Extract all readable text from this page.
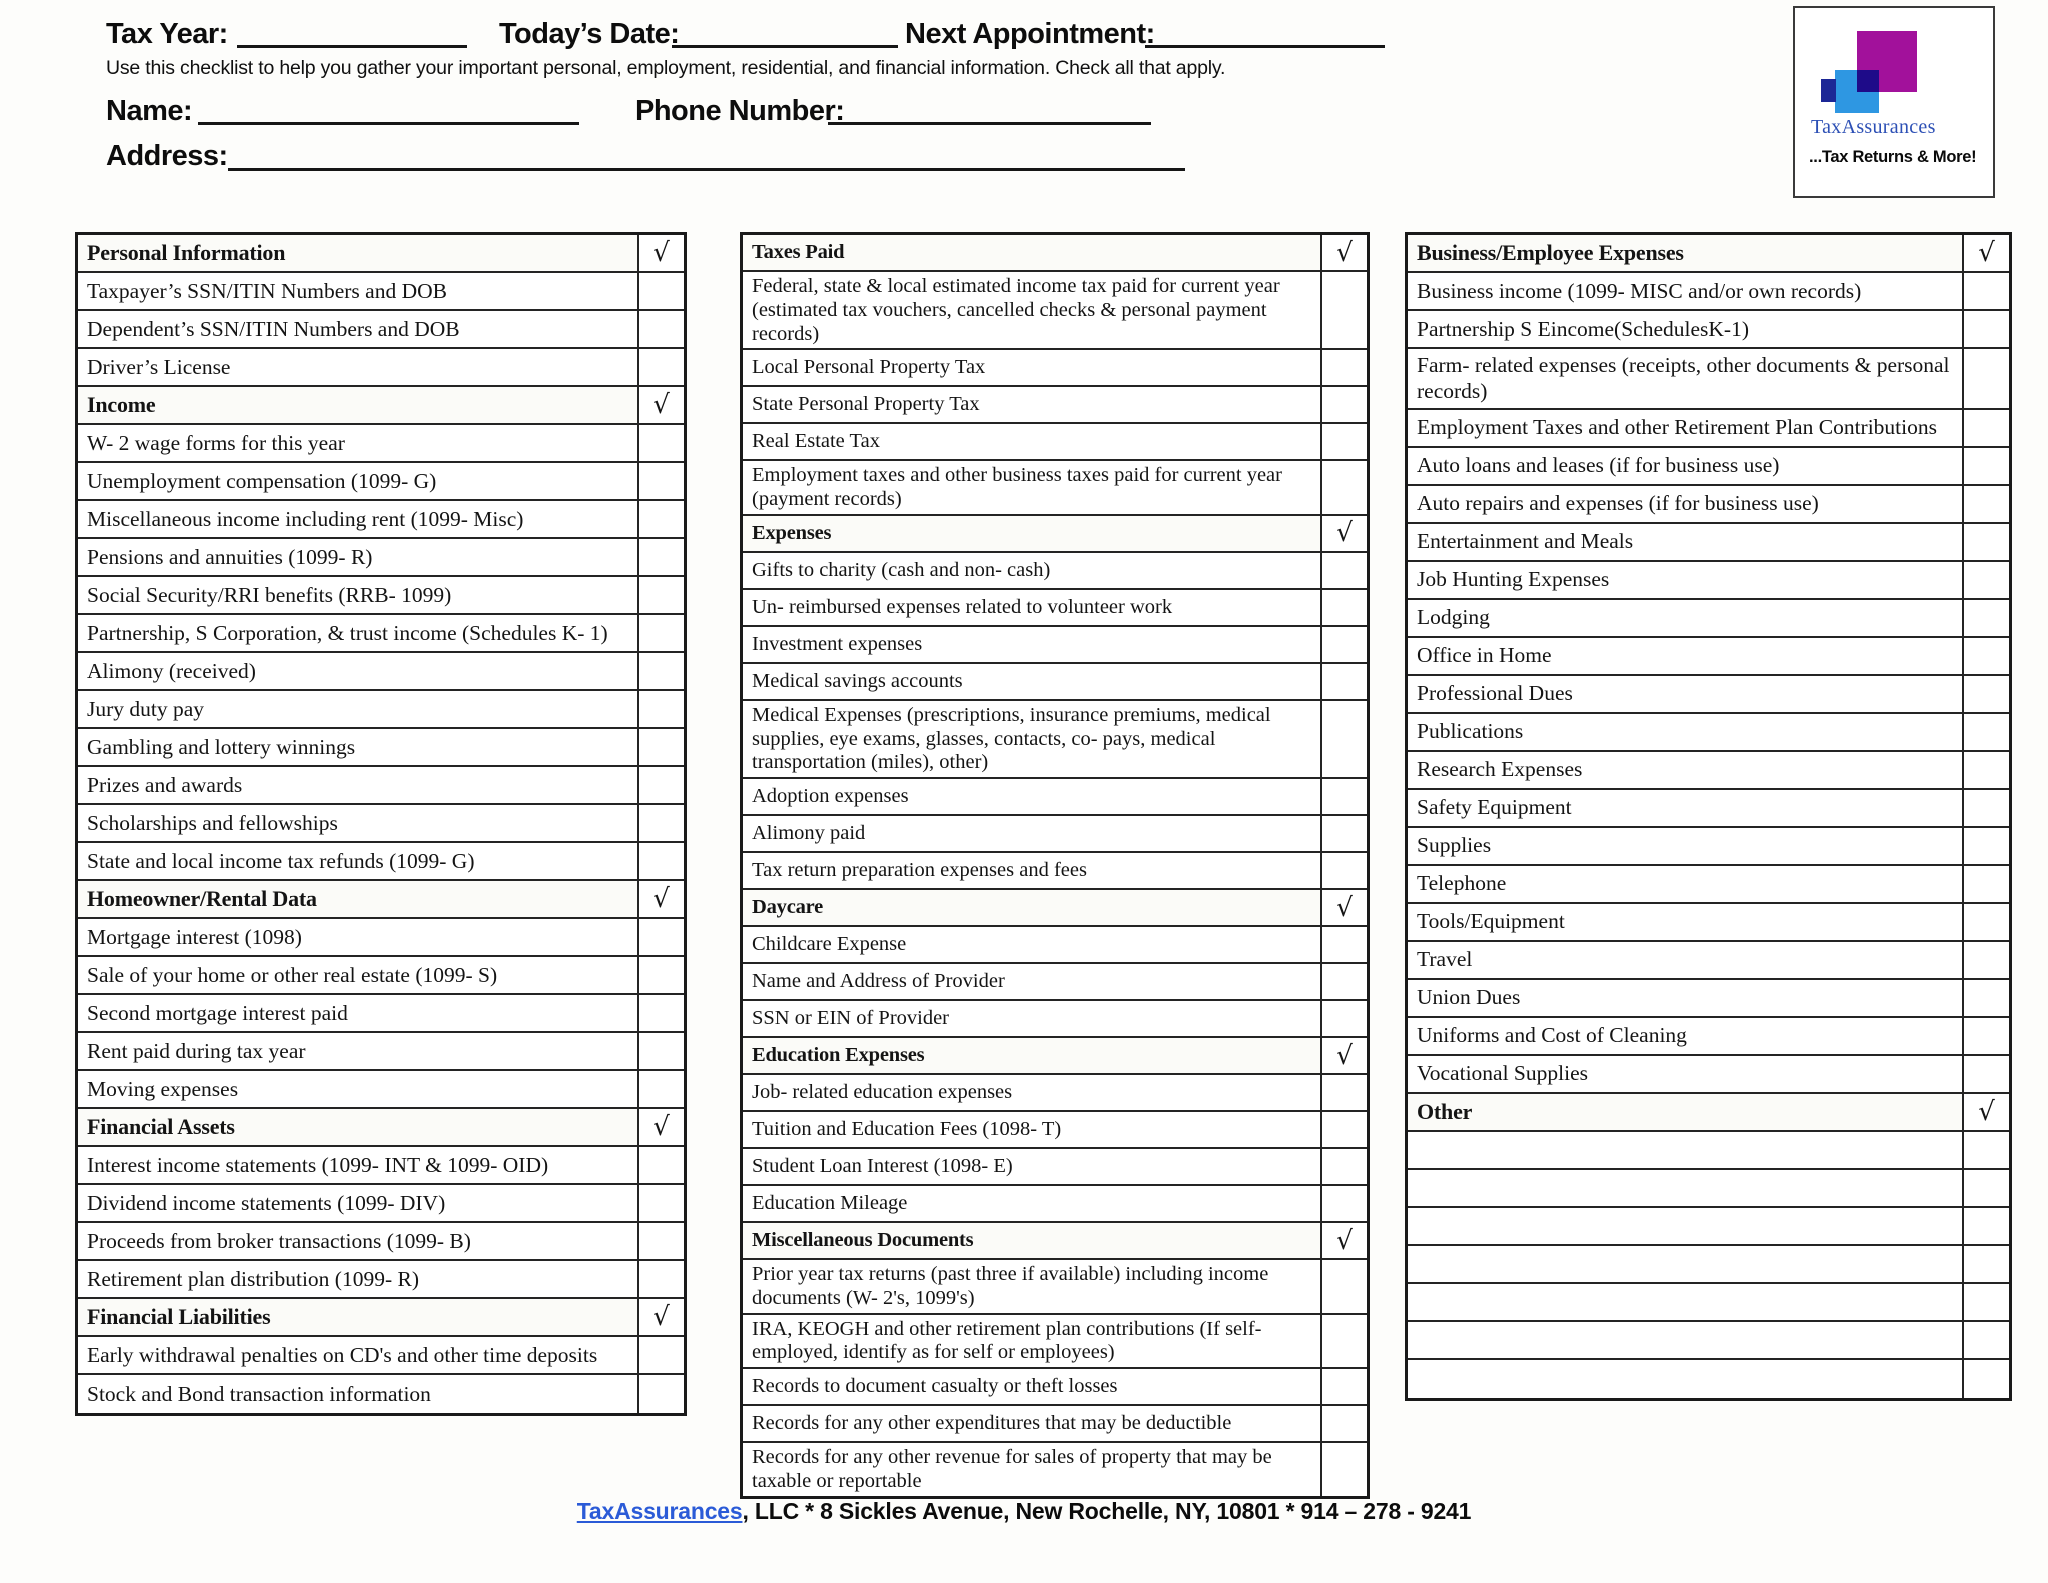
Tax Year:	Today’s Date:	Next Appointment:
Use this checklist to help you gather your important personal, employment, residential, and financial information. Check all that apply.
Name:	Phone Number:
Address:
TaxAssurances
...Tax Returns & More!
Personal Information	√
Taxpayer’s SSN/ITIN Numbers and DOB
Dependent’s SSN/ITIN Numbers and DOB
Driver’s License
Income	√
W- 2 wage forms for this year
Unemployment compensation (1099- G)
Miscellaneous income including rent (1099- Misc)
Pensions and annuities (1099- R)
Social Security/RRI benefits (RRB- 1099)
Partnership, S Corporation, & trust income (Schedules K- 1)
Alimony (received)
Jury duty pay
Gambling and lottery winnings
Prizes and awards
Scholarships and fellowships
State and local income tax refunds (1099- G)
Homeowner/Rental Data	√
Mortgage interest (1098)
Sale of your home or other real estate (1099- S)
Second mortgage interest paid
Rent paid during tax year
Moving expenses
Financial Assets	√
Interest income statements (1099- INT & 1099- OID)
Dividend income statements (1099- DIV)
Proceeds from broker transactions (1099- B)
Retirement plan distribution (1099- R)
Financial Liabilities	√
Early withdrawal penalties on CD's and other time deposits
Stock and Bond transaction information
Taxes Paid	√
Federal, state & local estimated income tax paid for current year (estimated tax vouchers, cancelled checks & personal payment records)
Local Personal Property Tax
State Personal Property Tax
Real Estate Tax
Employment taxes and other business taxes paid for current year (payment records)
Expenses	√
Gifts to charity (cash and non- cash)
Un- reimbursed expenses related to volunteer work
Investment expenses
Medical savings accounts
Medical Expenses (prescriptions, insurance premiums, medical supplies, eye exams, glasses, contacts, co- pays, medical transportation (miles), other)
Adoption expenses
Alimony paid
Tax return preparation expenses and fees
Daycare	√
Childcare Expense
Name and Address of Provider
SSN or EIN of Provider
Education Expenses	√
Job- related education expenses
Tuition and Education Fees (1098- T)
Student Loan Interest (1098- E)
Education Mileage
Miscellaneous Documents	√
Prior year tax returns (past three if available) including income documents (W- 2's, 1099's)
IRA, KEOGH and other retirement plan contributions (If self- employed, identify as for self or employees)
Records to document casualty or theft losses
Records for any other expenditures that may be deductible
Records for any other revenue for sales of property that may be taxable or reportable
Business/Employee Expenses	√
Business income (1099- MISC and/or own records)
Partnership S Eincome(SchedulesK-1)
Farm- related expenses (receipts, other documents & personal records)
Employment Taxes and other Retirement Plan Contributions
Auto loans and leases (if for business use)
Auto repairs and expenses (if for business use)
Entertainment and Meals
Job Hunting Expenses
Lodging
Office in Home
Professional Dues
Publications
Research Expenses
Safety Equipment
Supplies
Telephone
Tools/Equipment
Travel
Union Dues
Uniforms and Cost of Cleaning
Vocational Supplies
Other	√
TaxAssurances, LLC * 8 Sickles Avenue, New Rochelle, NY, 10801 * 914 – 278 - 9241
